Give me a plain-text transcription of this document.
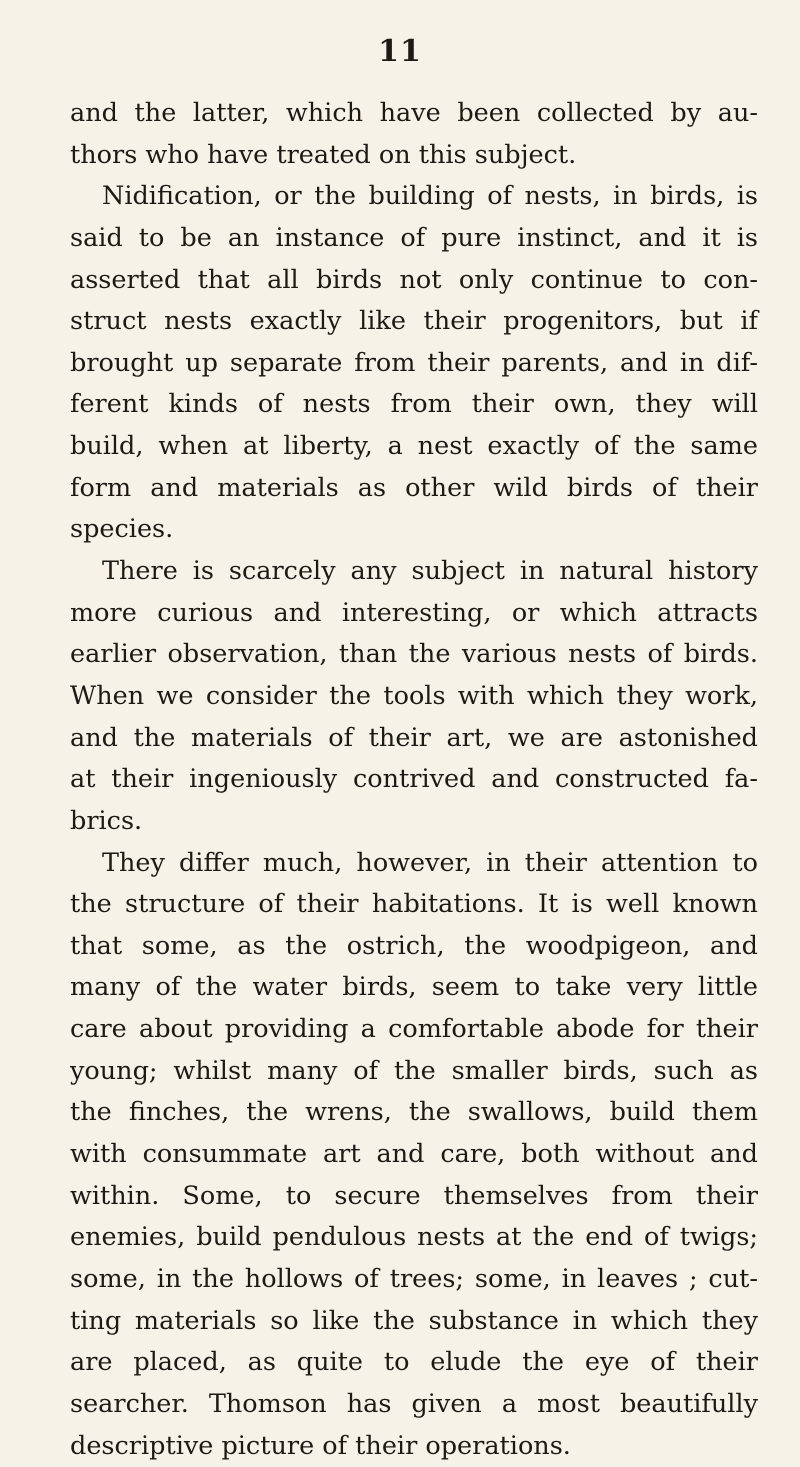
11
and the latter, which have been collected by au-
thors who have treated on this subject.
Nidification, or the building of nests, in birds, is
said to be an instance of pure instinct, and it is
asserted that all birds not only continue to con-
struct nests exactly like their progenitors, but if
brought up separate from their parents, and in dif-
ferent kinds of nests from their own, they will
build, when at liberty, a nest exactly of the same
form and materials as other wild birds of their
species.
There is scarcely any subject in natural history
more curious and interesting, or which attracts
earlier observation, than the various nests of birds.
When we consider the tools with which they work,
and the materials of their art, we are astonished
at their ingeniously contrived and constructed fa-
brics.
They differ much, however, in their attention to
the structure of their habitations. It is well known
that some, as the ostrich, the woodpigeon, and
many of the water birds, seem to take very little
care about providing a comfortable abode for their
young; whilst many of the smaller birds, such as
the finches, the wrens, the swallows, build them
with consummate art and care, both without and
within. Some, to secure themselves from their
enemies, build pendulous nests at the end of twigs;
some, in the hollows of trees; some, in leaves ; cut-
ting materials so like the substance in which they
are placed, as quite to elude the eye of their
searcher. Thomson has given a most beautifully
descriptive picture of their operations.
